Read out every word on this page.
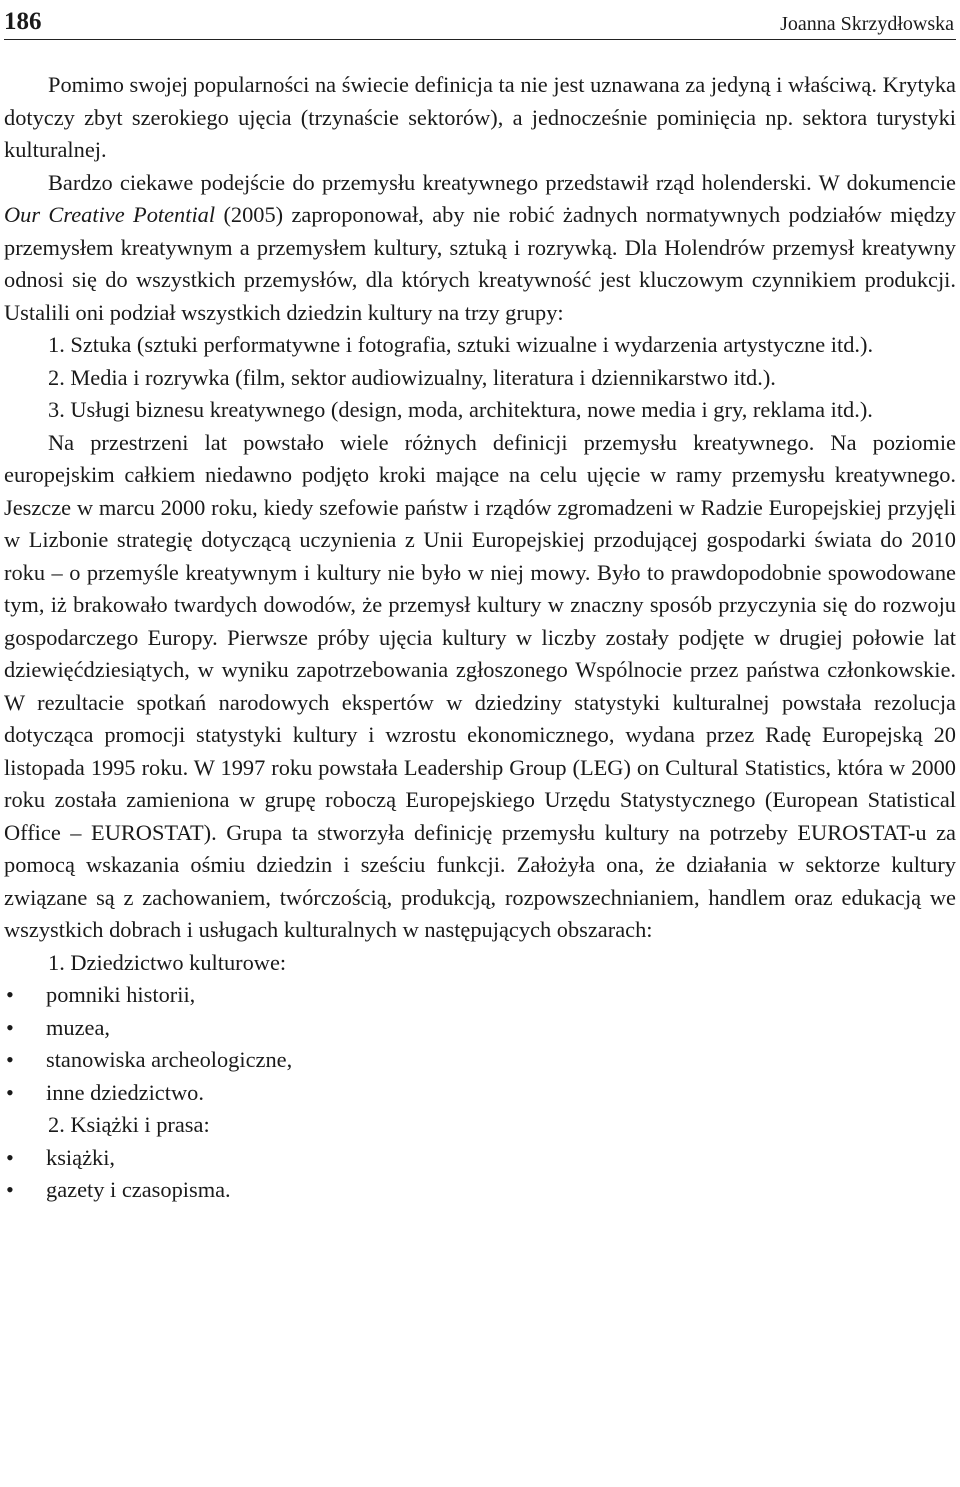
186	Joanna Skrzydłowska

Pomimo swojej popularności na świecie definicja ta nie jest uznawana za jedyną i właściwą. Krytyka dotyczy zbyt szerokiego ujęcia (trzynaście sektorów), a jednocześnie pominięcia np. sektora turystyki kulturalnej.

Bardzo ciekawe podejście do przemysłu kreatywnego przedstawił rząd holenderski. W dokumencie Our Creative Potential (2005) zaproponował, aby nie robić żadnych normatywnych podziałów między przemysłem kreatywnym a przemysłem kultury, sztuką i rozrywką. Dla Holendrów przemysł kreatywny odnosi się do wszystkich przemysłów, dla których kreatywność jest kluczowym czynnikiem produkcji. Ustalili oni podział wszystkich dziedzin kultury na trzy grupy:

1. Sztuka (sztuki performatywne i fotografia, sztuki wizualne i wydarzenia artystyczne itd.).

2. Media i rozrywka (film, sektor audiowizualny, literatura i dziennikarstwo itd.).

3. Usługi biznesu kreatywnego (design, moda, architektura, nowe media i gry, reklama itd.).

Na przestrzeni lat powstało wiele różnych definicji przemysłu kreatywnego. Na poziomie europejskim całkiem niedawno podjęto kroki mające na celu ujęcie w ramy przemysłu kreatywnego. Jeszcze w marcu 2000 roku, kiedy szefowie państw i rządów zgromadzeni w Radzie Europejskiej przyjęli w Lizbonie strategię dotyczącą uczynienia z Unii Europejskiej przodującej gospodarki świata do 2010 roku – o przemyśle kreatywnym i kultury nie było w niej mowy. Było to prawdopodobnie spowodowane tym, iż brakowało twardych dowodów, że przemysł kultury w znaczny sposób przyczynia się do rozwoju gospodarczego Europy. Pierwsze próby ujęcia kultury w liczby zostały podjęte w drugiej połowie lat dziewięćdziesiątych, w wyniku zapotrzebowania zgłoszonego Wspólnocie przez państwa członkowskie. W rezultacie spotkań narodowych ekspertów w dziedziny statystyki kulturalnej powstała rezolucja dotycząca promocji statystyki kultury i wzrostu ekonomicznego, wydana przez Radę Europejską 20 listopada 1995 roku. W 1997 roku powstała Leadership Group (LEG) on Cultural Statistics, która w 2000 roku została zamieniona w grupę roboczą Europejskiego Urzędu Statystycznego (European Statistical Office – EUROSTAT). Grupa ta stworzyła definicję przemysłu kultury na potrzeby EUROSTAT-u za pomocą wskazania ośmiu dziedzin i sześciu funkcji. Założyła ona, że działania w sektorze kultury związane są z zachowaniem, twórczością, produkcją, rozpowszechnianiem, handlem oraz edukacją we wszystkich dobrach i usługach kulturalnych w następujących obszarach:

1. Dziedzictwo kulturowe:

• pomniki historii,
• muzea,
• stanowiska archeologiczne,
• inne dziedzictwo.

2. Książki i prasa:

• książki,
• gazety i czasopisma.
